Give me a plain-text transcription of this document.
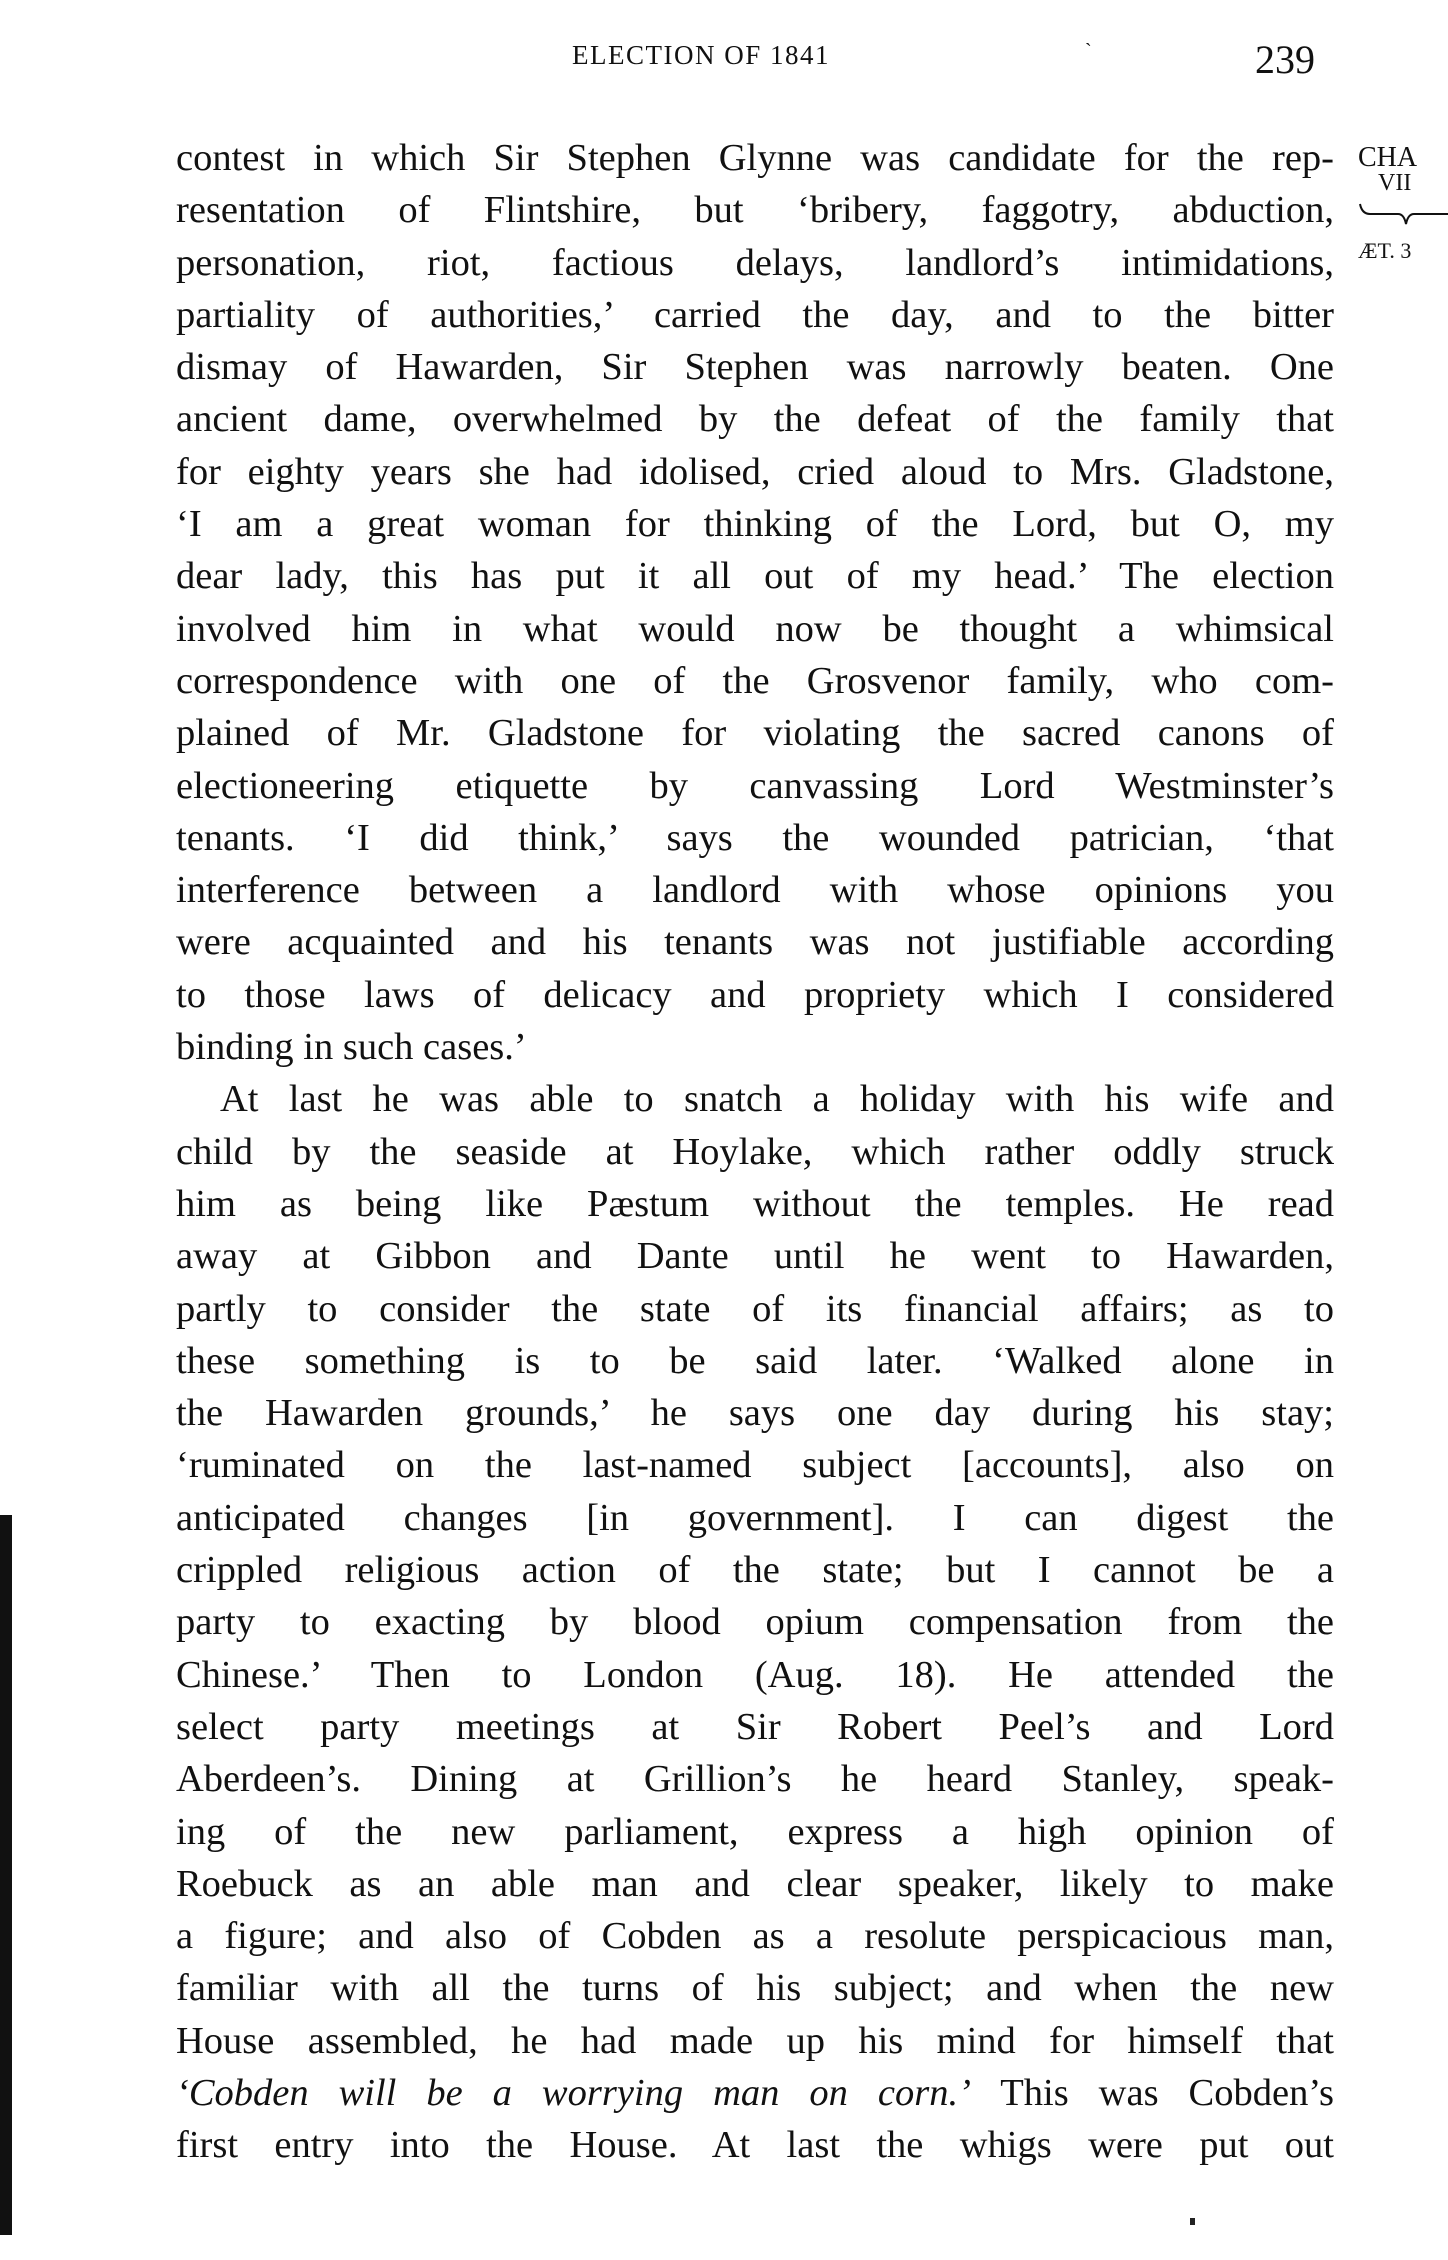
ELECTION OF 1841	ˋ	239
CHA
VII
ÆT. 3
contest in which Sir Stephen Glynne was candidate for the rep-
resentation of Flintshire, but ‘bribery, faggotry, abduction,
personation, riot, factious delays, landlord’s intimidations,
partiality of authorities,’ carried the day, and to the bitter
dismay of Hawarden, Sir Stephen was narrowly beaten. One
ancient dame, overwhelmed by the defeat of the family that
for eighty years she had idolised, cried aloud to Mrs. Gladstone,
‘I am a great woman for thinking of the Lord, but O, my
dear lady, this has put it all out of my head.’ The election
involved him in what would now be thought a whimsical
correspondence with one of the Grosvenor family, who com-
plained of Mr. Gladstone for violating the sacred canons of
electioneering etiquette by canvassing Lord Westminster’s
tenants. ‘I did think,’ says the wounded patrician, ‘that
interference between a landlord with whose opinions you
were acquainted and his tenants was not justifiable according
to those laws of delicacy and propriety which I considered
binding in such cases.’
At last he was able to snatch a holiday with his wife and
child by the seaside at Hoylake, which rather oddly struck
him as being like Pæstum without the temples. He read
away at Gibbon and Dante until he went to Hawarden,
partly to consider the state of its financial affairs; as to
these something is to be said later. ‘Walked alone in
the Hawarden grounds,’ he says one day during his stay;
‘ruminated on the last-named subject [accounts], also on
anticipated changes [in government]. I can digest the
crippled religious action of the state; but I cannot be a
party to exacting by blood opium compensation from the
Chinese.’ Then to London (Aug. 18). He attended the
select party meetings at Sir Robert Peel’s and Lord
Aberdeen’s. Dining at Grillion’s he heard Stanley, speak-
ing of the new parliament, express a high opinion of
Roebuck as an able man and clear speaker, likely to make
a figure; and also of Cobden as a resolute perspicacious man,
familiar with all the turns of his subject; and when the new
House assembled, he had made up his mind for himself that
‘Cobden will be a worrying man on corn.’ This was Cobden’s
first entry into the House. At last the whigs were put out
